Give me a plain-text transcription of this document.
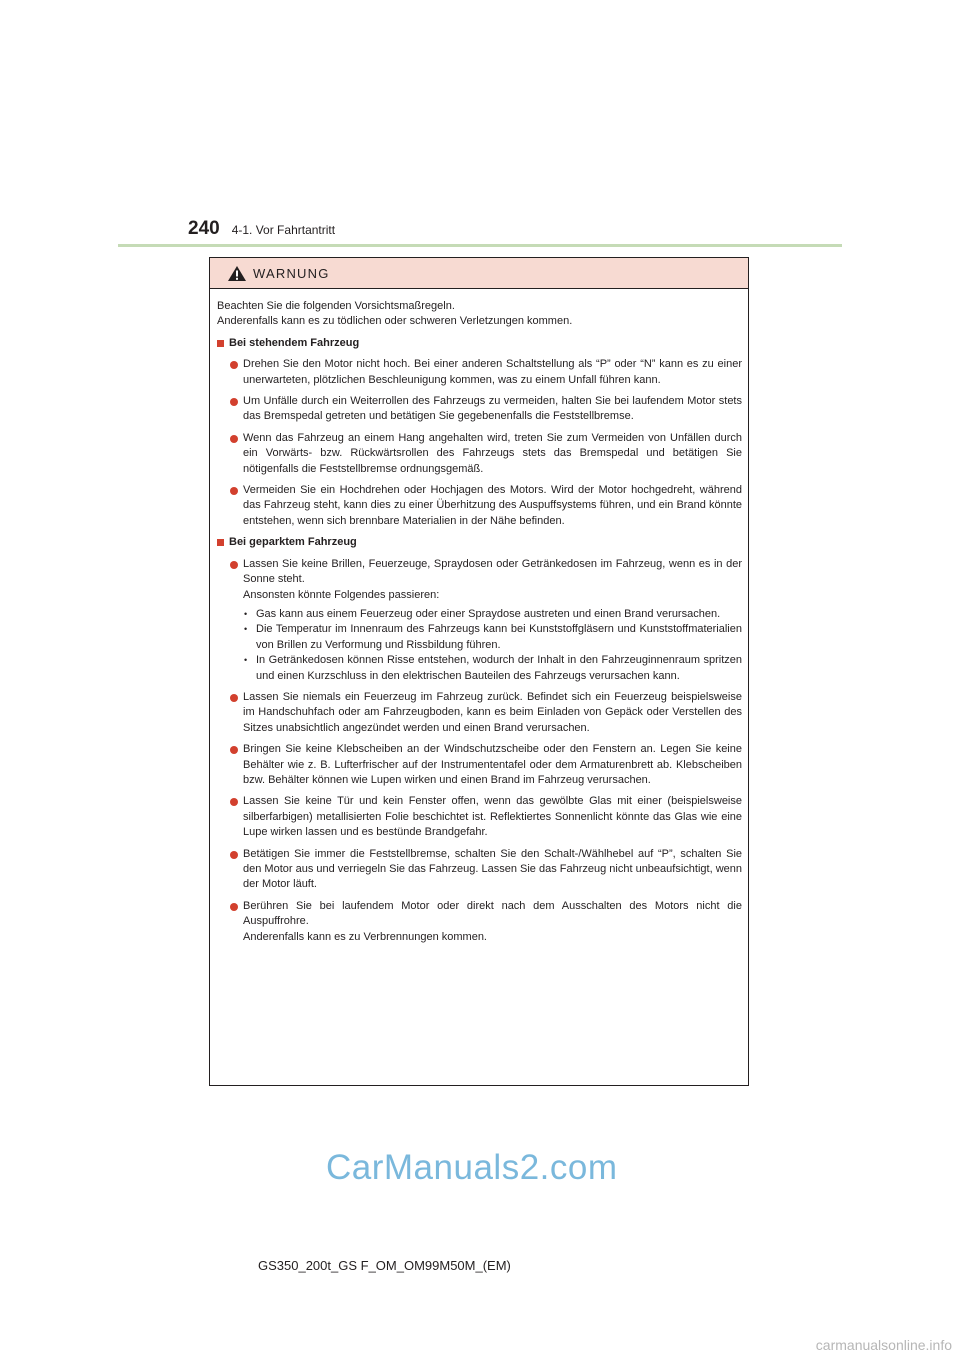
240 4-1. Vor Fahrtantritt
WARNUNG

Beachten Sie die folgenden Vorsichtsmaßregeln.

Anderenfalls kann es zu tödlichen oder schweren Verletzungen kommen.

Bei stehendem Fahrzeug
Drehen Sie den Motor nicht hoch. Bei einer anderen Schaltstellung als “P” oder “N” kann es zu einer unerwarteten, plötzlichen Beschleunigung kommen, was zu einem Unfall führen kann.
Um Unfälle durch ein Weiterrollen des Fahrzeugs zu vermeiden, halten Sie bei laufendem Motor stets das Bremspedal getreten und betätigen Sie gegebenenfalls die Feststellbremse.
Wenn das Fahrzeug an einem Hang angehalten wird, treten Sie zum Vermeiden von Unfällen durch ein Vorwärts- bzw. Rückwärtsrollen des Fahrzeugs stets das Bremspedal und betätigen Sie nötigenfalls die Feststellbremse ordnungsgemäß.
Vermeiden Sie ein Hochdrehen oder Hochjagen des Motors. Wird der Motor hochgedreht, während das Fahrzeug steht, kann dies zu einer Überhitzung des Auspuffsystems führen, und ein Brand könnte entstehen, wenn sich brennbare Materialien in der Nähe befinden.
Bei geparktem Fahrzeug

Lassen Sie keine Brillen, Feuerzeuge, Spraydosen oder Getränkedosen im Fahrzeug, wenn es in der Sonne steht.

Ansonsten könnte Folgendes passieren:

• Gas kann aus einem Feuerzeug oder einer Spraydose austreten und einen Brand verursachen.

• Die Temperatur im Innenraum des Fahrzeugs kann bei Kunststoffgläsern und Kunststoffmaterialien von Brillen zu Verformung und Rissbildung führen.

• In Getränkedosen können Risse entstehen, wodurch der Inhalt in den Fahrzeuginnenraum spritzen und einen Kurzschluss in den elektrischen Bauteilen des Fahrzeugs verursachen kann.

Lassen Sie niemals ein Feuerzeug im Fahrzeug zurück. Befindet sich ein Feuerzeug beispielsweise im Handschuhfach oder am Fahrzeugboden, kann es beim Einladen von Gepäck oder Verstellen des Sitzes unabsichtlich angezündet werden und einen Brand verursachen.
Bringen Sie keine Klebscheiben an der Windschutzscheibe oder den Fenstern an. Legen Sie keine Behälter wie z. B. Lufterfrischer auf der Instrumententafel oder dem Armaturenbrett ab. Klebscheiben bzw. Behälter können wie Lupen wirken und einen Brand im Fahrzeug verursachen.
Lassen Sie keine Tür und kein Fenster offen, wenn das gewölbte Glas mit einer (beispielsweise silberfarbigen) metallisierten Folie beschichtet ist. Reflektiertes Sonnenlicht könnte das Glas wie eine Lupe wirken lassen und es bestünde Brandgefahr.
Betätigen Sie immer die Feststellbremse, schalten Sie den Schalt-/Wählhebel auf “P”, schalten Sie den Motor aus und verriegeln Sie das Fahrzeug. Lassen Sie das Fahrzeug nicht unbeaufsichtigt, wenn der Motor läuft.

Berühren Sie bei laufendem Motor oder direkt nach dem Ausschalten des Motors nicht die Auspuffrohre.

Anderenfalls kann es zu Verbrennungen kommen.

CarManuals2.com
GS350_200t_GS F_OM_OM99M50M_(EM)
carmanualsonline.info
